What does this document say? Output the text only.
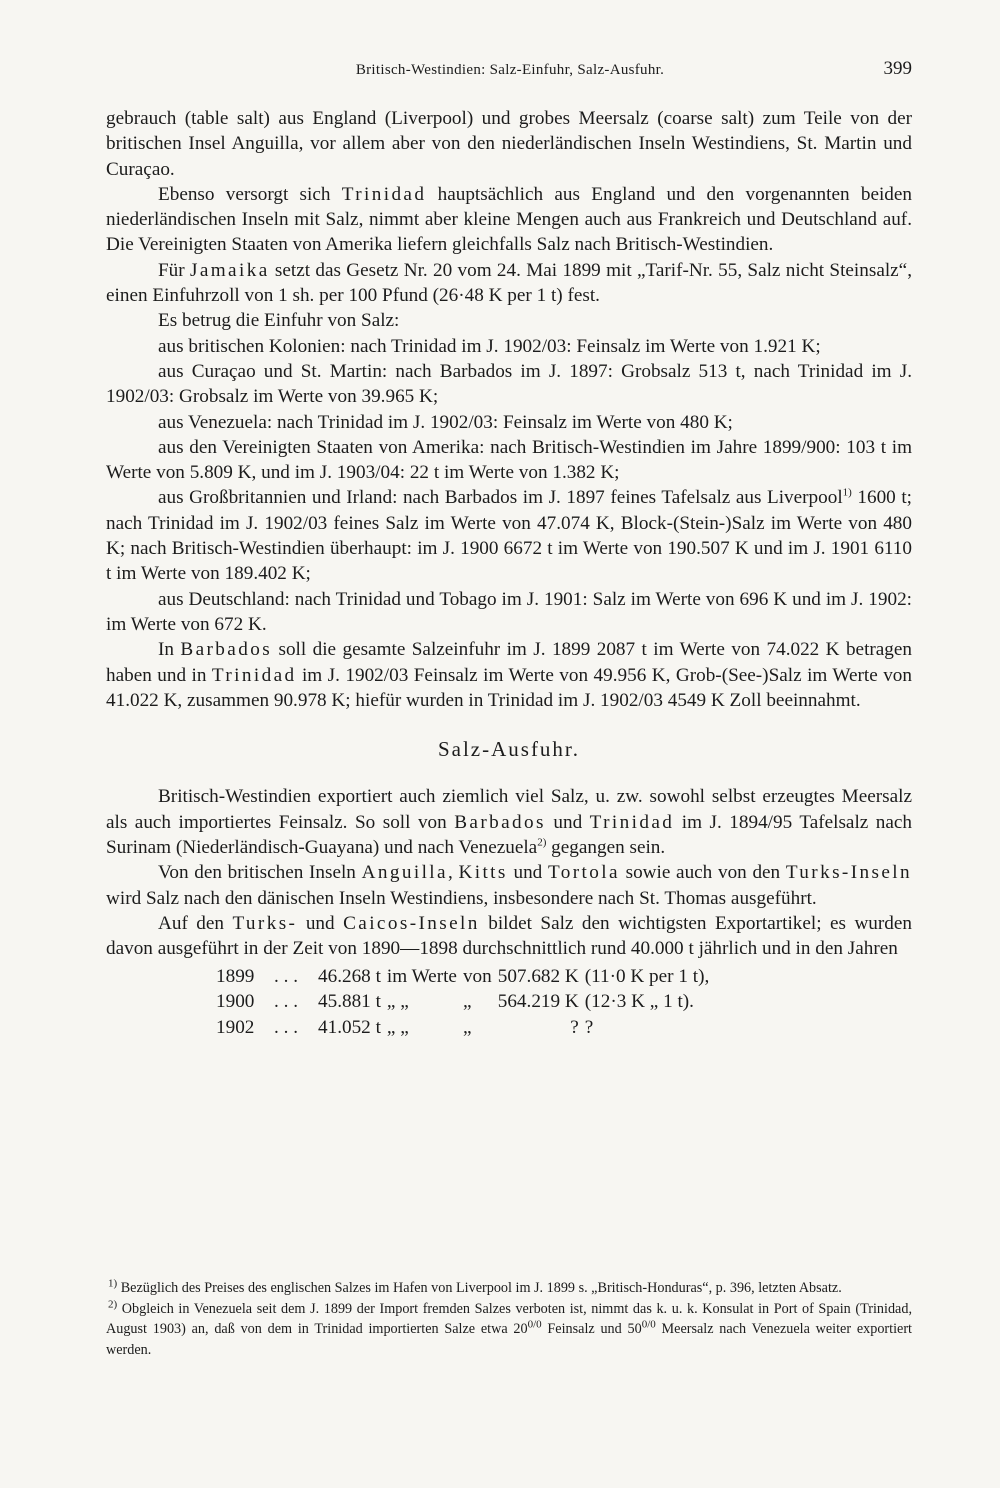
Britisch-Westindien: Salz-Einfuhr, Salz-Ausfuhr.	399

gebrauch (table salt) aus England (Liverpool) und grobes Meersalz (coarse salt) zum Teile von der britischen Insel Anguilla, vor allem aber von den niederländischen Inseln Westindiens, St. Martin und Curaçao.

Ebenso versorgt sich Trinidad hauptsächlich aus England und den vorgenannten beiden niederländischen Inseln mit Salz, nimmt aber kleine Mengen auch aus Frankreich und Deutschland auf. Die Vereinigten Staaten von Amerika liefern gleichfalls Salz nach Britisch-Westindien.

Für Jamaika setzt das Gesetz Nr. 20 vom 24. Mai 1899 mit „Tarif-Nr. 55, Salz nicht Steinsalz“, einen Einfuhrzoll von 1 sh. per 100 Pfund (26·48 K per 1 t) fest.

Es betrug die Einfuhr von Salz:

aus britischen Kolonien: nach Trinidad im J. 1902/03: Feinsalz im Werte von 1.921 K;

aus Curaçao und St. Martin: nach Barbados im J. 1897: Grobsalz 513 t, nach Trinidad im J. 1902/03: Grobsalz im Werte von 39.965 K;

aus Venezuela: nach Trinidad im J. 1902/03: Feinsalz im Werte von 480 K;

aus den Vereinigten Staaten von Amerika: nach Britisch-Westindien im Jahre 1899/900: 103 t im Werte von 5.809 K, und im J. 1903/04: 22 t im Werte von 1.382 K;

aus Großbritannien und Irland: nach Barbados im J. 1897 feines Tafelsalz aus Liverpool$^{1)}$ 1600 t; nach Trinidad im J. 1902/03 feines Salz im Werte von 47.074 K, Block-(Stein-)Salz im Werte von 480 K; nach Britisch-Westindien überhaupt: im J. 1900 6672 t im Werte von 190.507 K und im J. 1901 6110 t im Werte von 189.402 K;

aus Deutschland: nach Trinidad und Tobago im J. 1901: Salz im Werte von 696 K und im J. 1902: im Werte von 672 K.

In Barbados soll die gesamte Salzeinfuhr im J. 1899 2087 t im Werte von 74.022 K betragen haben und in Trinidad im J. 1902/03 Feinsalz im Werte von 49.956 K, Grob-(See-)Salz im Werte von 41.022 K, zusammen 90.978 K; hiefür wurden in Trinidad im J. 1902/03 4549 K Zoll beeinnahmt.

Salz-Ausfuhr.

Britisch-Westindien exportiert auch ziemlich viel Salz, u. zw. sowohl selbst erzeugtes Meersalz als auch importiertes Feinsalz. So soll von Barbados und Trinidad im J. 1894/95 Tafelsalz nach Surinam (Niederländisch-Guayana) und nach Venezuela$^{2)}$ gegangen sein.

Von den britischen Inseln Anguilla, Kitts und Tortola sowie auch von den Turks-Inseln wird Salz nach den dänischen Inseln Westindiens, insbesondere nach St. Thomas ausgeführt.

Auf den Turks- und Caicos-Inseln bildet Salz den wichtigsten Exportartikel; es wurden davon ausgeführt in der Zeit von 1890—1898 durchschnittlich rund 40.000 t jährlich und in den Jahren

1899	. . .	46.268 t	im Werte	von	507.682 K	(11·0 K per 1 t),
1900	. . .	45.881 t	„ „	„	564.219 K	(12·3 K „ 1 t).
1902	. . .	41.052 t	„ „	„	?	?

$^{1)}$ Bezüglich des Preises des englischen Salzes im Hafen von Liverpool im J. 1899 s. „Britisch-Honduras“, p. 396, letzten Absatz.

$^{2)}$ Obgleich in Venezuela seit dem J. 1899 der Import fremden Salzes verboten ist, nimmt das k. u. k. Konsulat in Port of Spain (Trinidad, August 1903) an, daß von dem in Trinidad importierten Salze etwa $20^{0/0}$ Feinsalz und $50^{0/0}$ Meersalz nach Venezuela weiter exportiert werden.
